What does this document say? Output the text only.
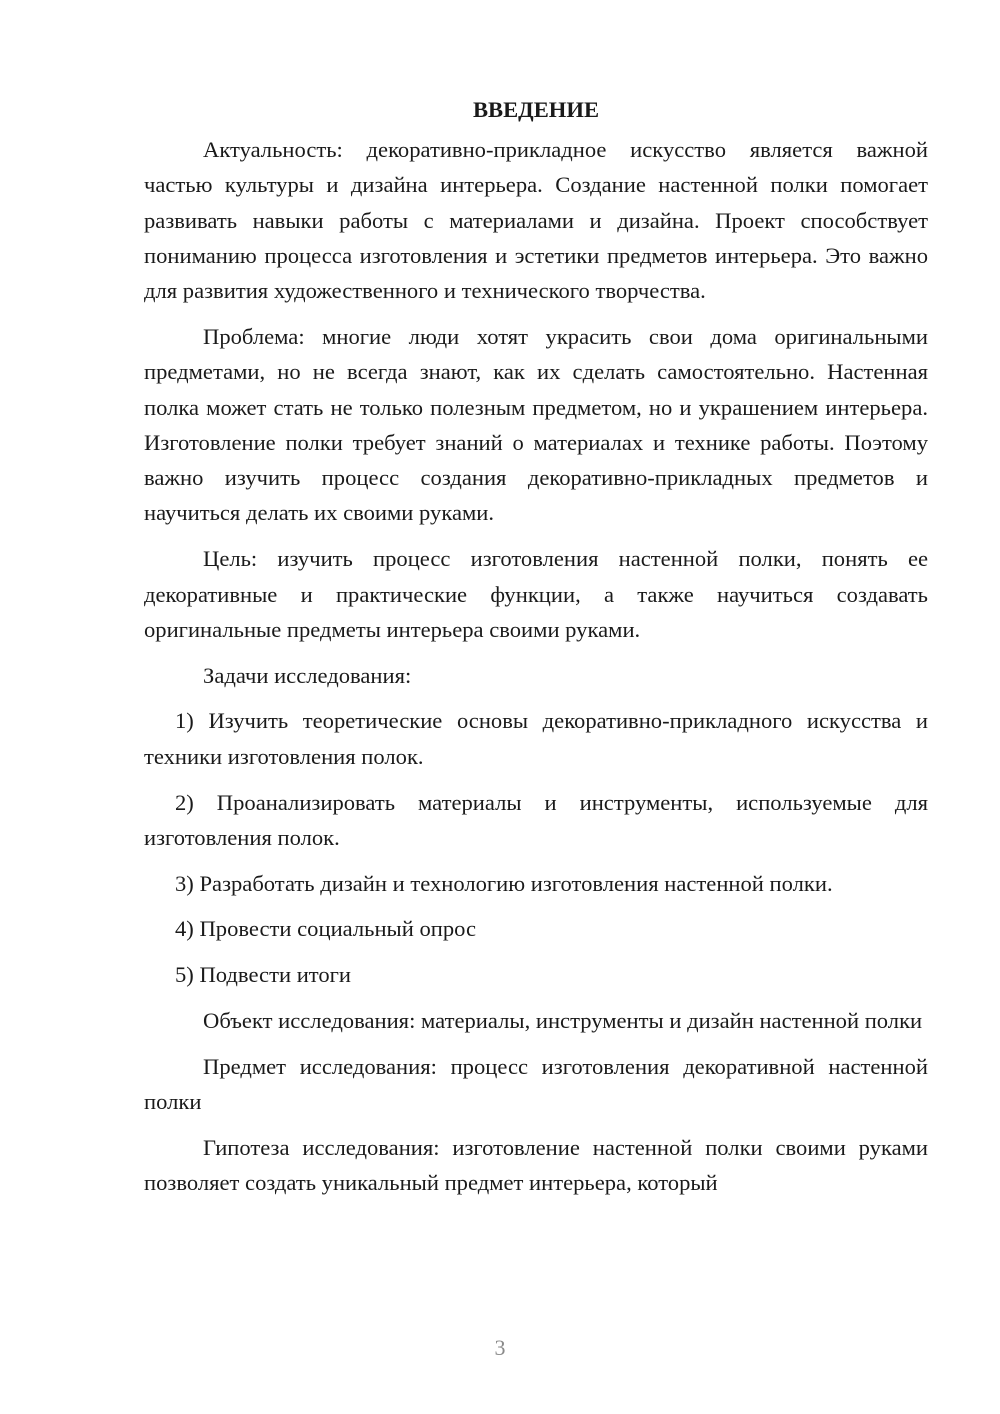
ВВЕДЕНИЕ

Актуальность: декоративно-прикладное искусство является важной частью культуры и дизайна интерьера. Создание настенной полки помогает развивать навыки работы с материалами и дизайна. Проект способствует пониманию процесса изготовления и эстетики предметов интерьера. Это важно для развития художественного и технического творчества.

Проблема: многие люди хотят украсить свои дома оригинальными предметами, но не всегда знают, как их сделать самостоятельно. Настенная полка может стать не только полезным предметом, но и украшением интерьера. Изготовление полки требует знаний о материалах и технике работы. Поэтому важно изучить процесс создания декоративно-прикладных предметов и научиться делать их своими руками.

Цель: изучить процесс изготовления настенной полки, понять ее декоративные и практические функции, а также научиться создавать оригинальные предметы интерьера своими руками.

Задачи исследования:

1) Изучить теоретические основы декоративно-прикладного искусства и техники изготовления полок.

2) Проанализировать материалы и инструменты, используемые для изготовления полок.

3) Разработать дизайн и технологию изготовления настенной полки.

4) Провести социальный опрос

5) Подвести итоги

Объект исследования: материалы, инструменты и дизайн настенной полки

Предмет исследования: процесс изготовления декоративной настенной полки

Гипотеза исследования: изготовление настенной полки своими руками позволяет создать уникальный предмет интерьера, который

3
